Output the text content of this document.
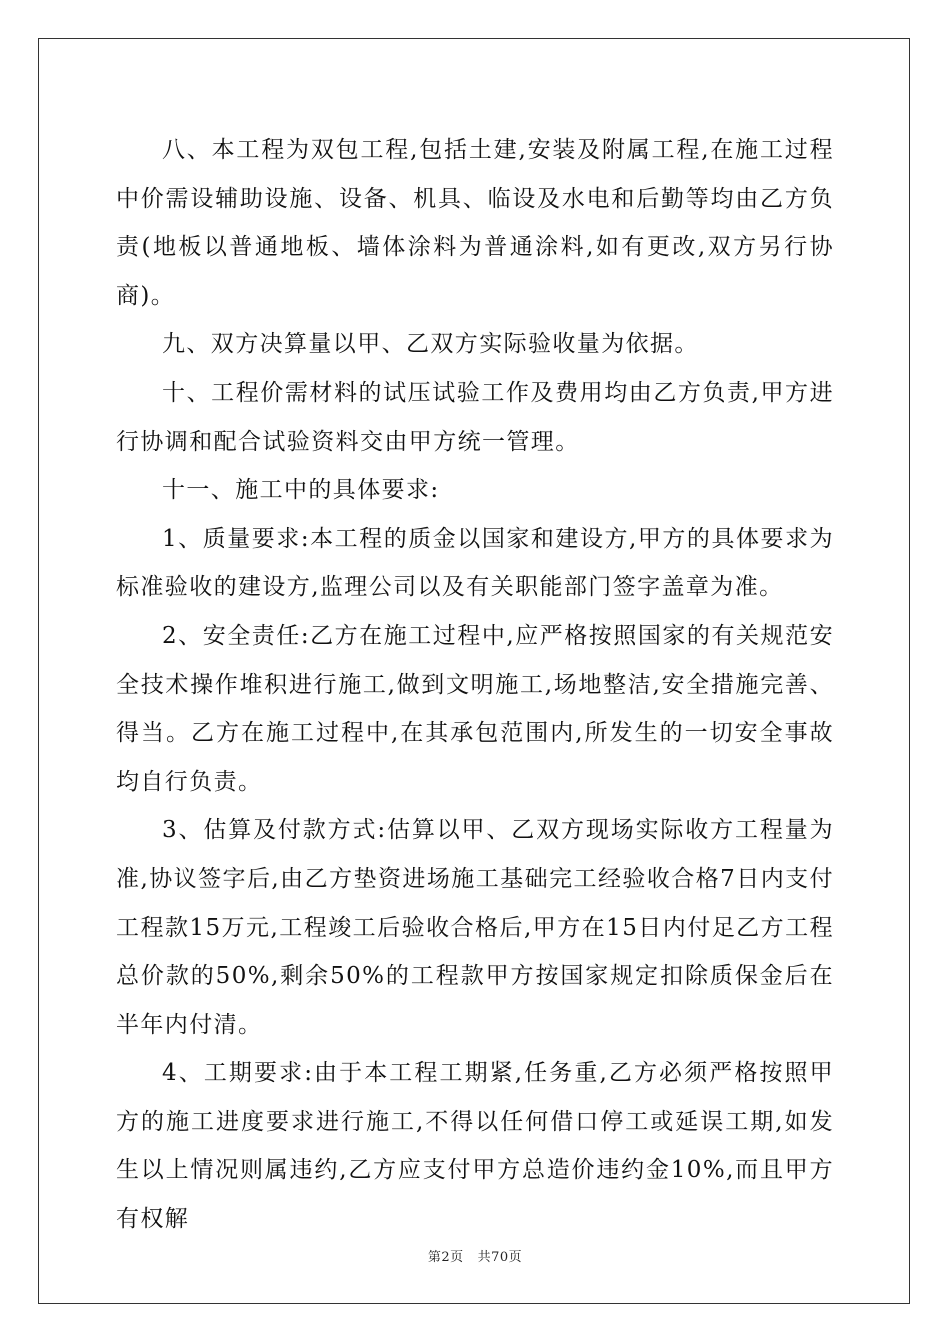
八、本工程为双包工程,包括土建,安装及附属工程,在施工过程中价需设辅助设施、设备、机具、临设及水电和后勤等均由乙方负责(地板以普通地板、墙体涂料为普通涂料,如有更改,双方另行协商)。

九、双方决算量以甲、乙双方实际验收量为依据。

十、工程价需材料的试压试验工作及费用均由乙方负责,甲方进行协调和配合试验资料交由甲方统一管理。

十一、施工中的具体要求:

1、质量要求:本工程的质金以国家和建设方,甲方的具体要求为标准验收的建设方,监理公司以及有关职能部门签字盖章为准。

2、安全责任:乙方在施工过程中,应严格按照国家的有关规范安全技术操作堆积进行施工,做到文明施工,场地整洁,安全措施完善、得当。乙方在施工过程中,在其承包范围内,所发生的一切安全事故均自行负责。

3、估算及付款方式:估算以甲、乙双方现场实际收方工程量为准,协议签字后,由乙方垫资进场施工基础完工经验收合格7日内支付工程款15万元,工程竣工后验收合格后,甲方在15日内付足乙方工程总价款的50%,剩余50%的工程款甲方按国家规定扣除质保金后在半年内付清。

4、工期要求:由于本工程工期紧,任务重,乙方必须严格按照甲方的施工进度要求进行施工,不得以任何借口停工或延误工期,如发生以上情况则属违约,乙方应支付甲方总造价违约金10%,而且甲方有权解

第2页 共70页
